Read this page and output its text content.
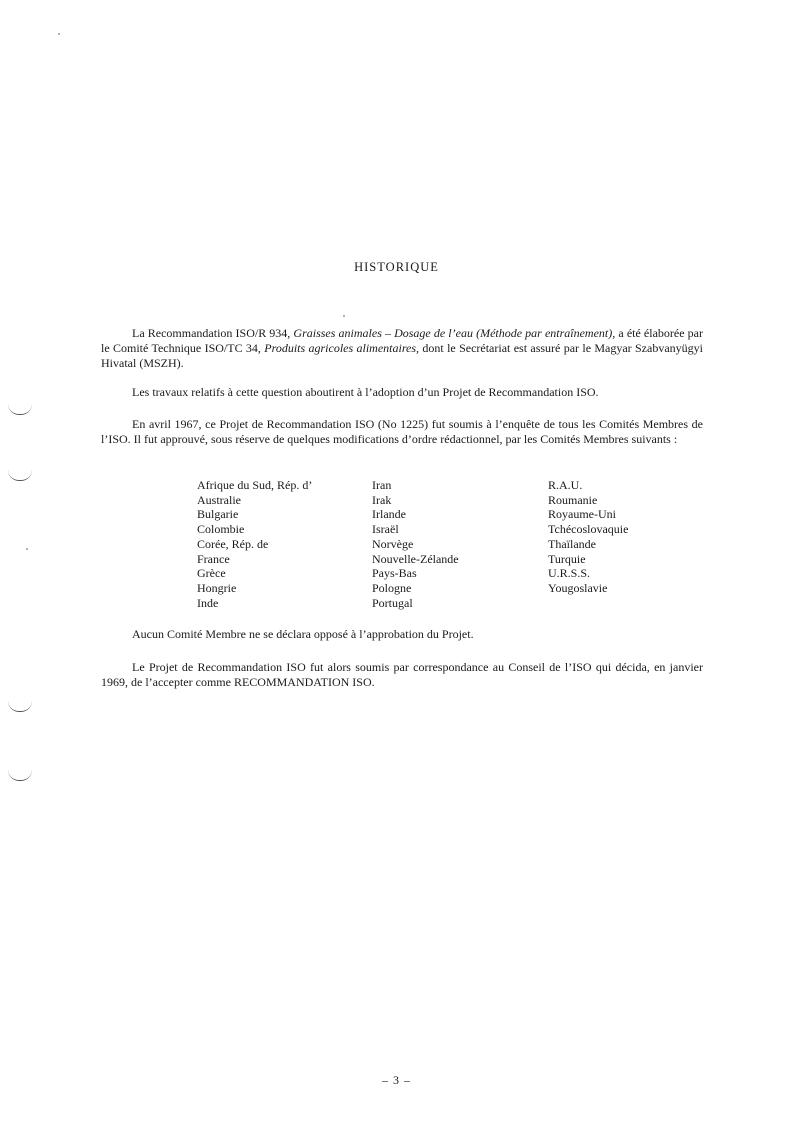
HISTORIQUE
La Recommandation ISO/R 934, Graisses animales – Dosage de l’eau (Méthode par entraînement), a été élaborée par le Comité Technique ISO/TC 34, Produits agricoles alimentaires, dont le Secrétariat est assuré par le Magyar Szabvanyügyi Hivatal (MSZH).
Les travaux relatifs à cette question aboutirent à l’adoption d’un Projet de Recommandation ISO.
En avril 1967, ce Projet de Recommandation ISO (No 1225) fut soumis à l’enquête de tous les Comités Membres de l’ISO. Il fut approuvé, sous réserve de quelques modifications d’ordre rédactionnel, par les Comités Membres suivants :
Afrique du Sud, Rép. d’
Australie
Bulgarie
Colombie
Corée, Rép. de
France
Grèce
Hongrie
Inde
Iran
Irak
Irlande
Israël
Norvège
Nouvelle-Zélande
Pays-Bas
Pologne
Portugal
R.A.U.
Roumanie
Royaume-Uni
Tchécoslovaquie
Thaïlande
Turquie
U.R.S.S.
Yougoslavie
Aucun Comité Membre ne se déclara opposé à l’approbation du Projet.
Le Projet de Recommandation ISO fut alors soumis par correspondance au Conseil de l’ISO qui décida, en janvier 1969, de l’accepter comme RECOMMANDATION ISO.
– 3 –
